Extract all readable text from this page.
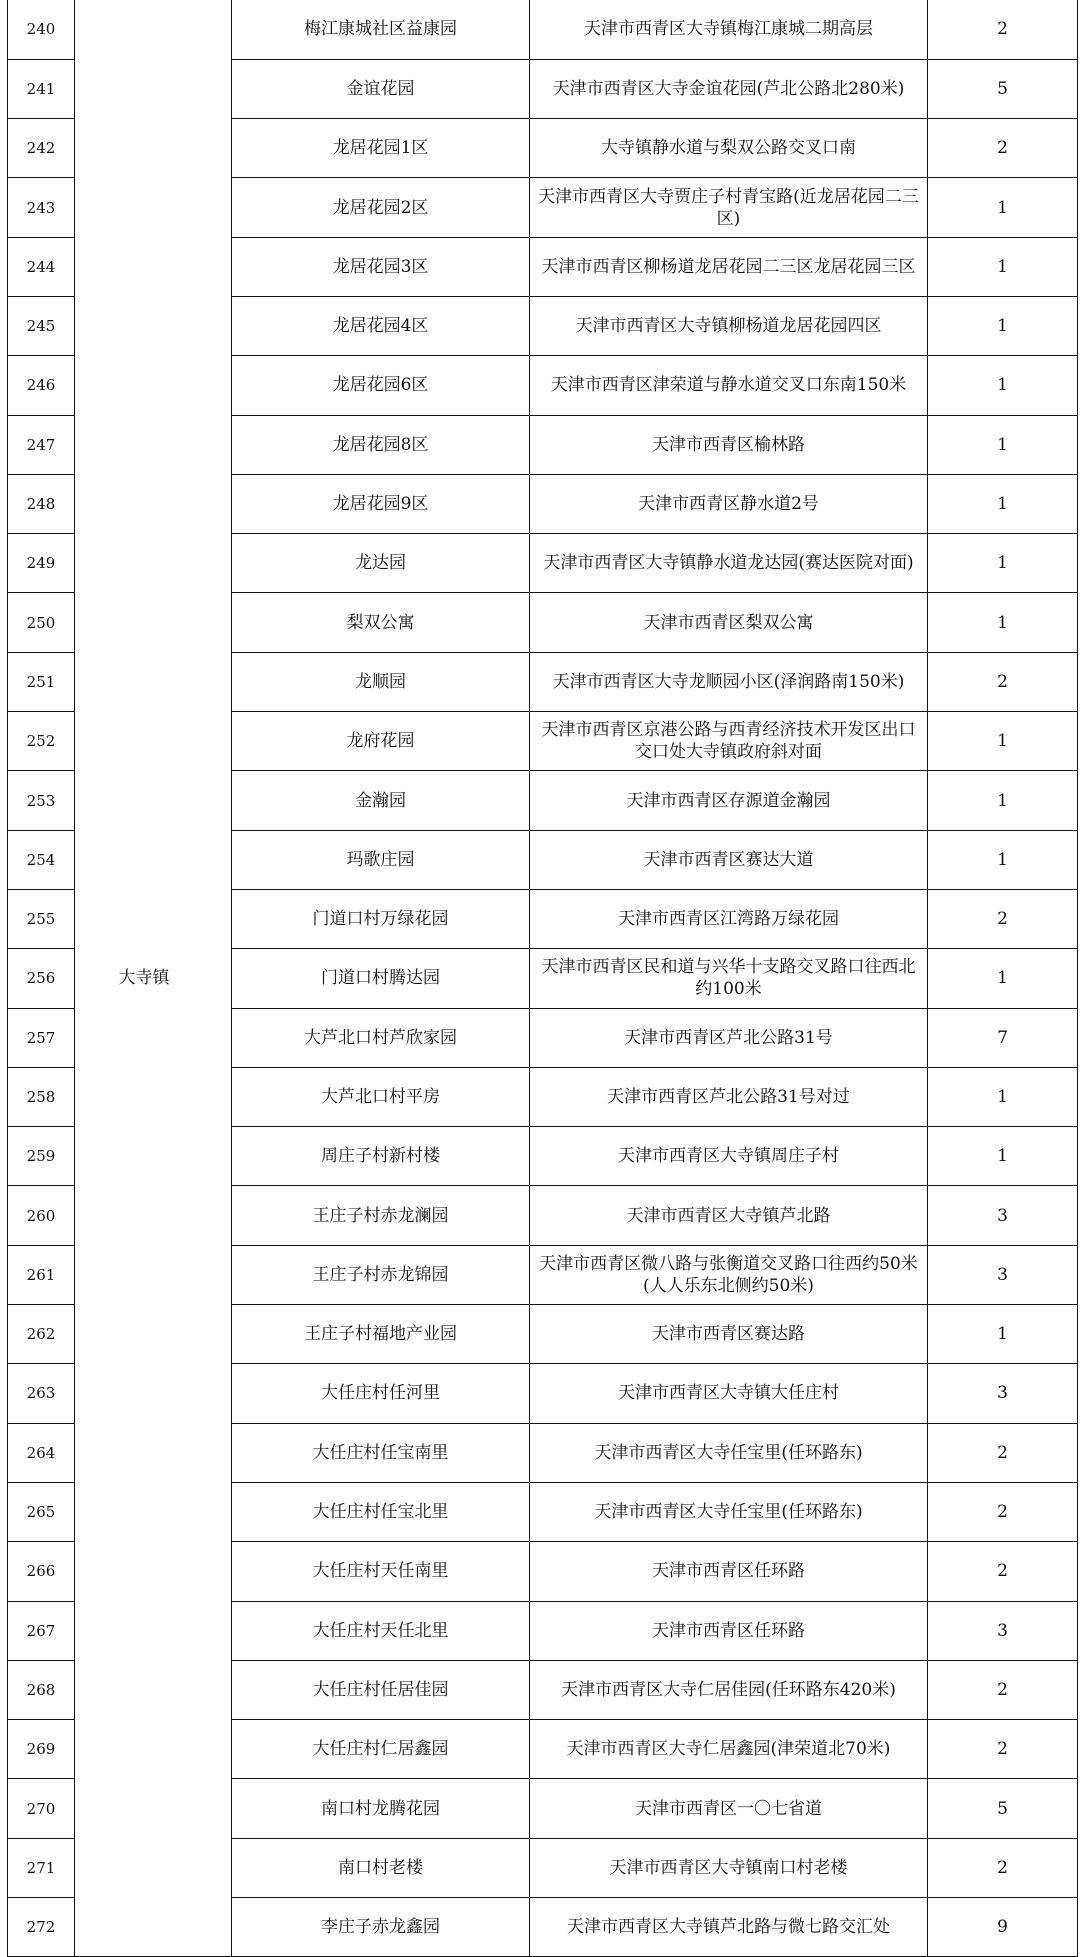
240	大寺镇	梅江康城社区益康园	天津市西青区大寺镇梅江康城二期高层	2
241		金谊花园	天津市西青区大寺金谊花园(芦北公路北280米)	5
242		龙居花园1区	大寺镇静水道与梨双公路交叉口南	2
243		龙居花园2区	天津市西青区大寺贾庄子村青宝路(近龙居花园二三区)	1
244		龙居花园3区	天津市西青区柳杨道龙居花园二三区龙居花园三区	1
245		龙居花园4区	天津市西青区大寺镇柳杨道龙居花园四区	1
246		龙居花园6区	天津市西青区津荣道与静水道交叉口东南150米	1
247		龙居花园8区	天津市西青区榆林路	1
248		龙居花园9区	天津市西青区静水道2号	1
249		龙达园	天津市西青区大寺镇静水道龙达园(赛达医院对面)	1
250		梨双公寓	天津市西青区梨双公寓	1
251		龙顺园	天津市西青区大寺龙顺园小区(泽润路南150米)	2
252		龙府花园	天津市西青区京港公路与西青经济技术开发区出口交口处大寺镇政府斜对面	1
253		金瀚园	天津市西青区存源道金瀚园	1
254		玛歌庄园	天津市西青区赛达大道	1
255		门道口村万绿花园	天津市西青区江湾路万绿花园	2
256		门道口村腾达园	天津市西青区民和道与兴华十支路交叉路口往西北约100米	1
257		大芦北口村芦欣家园	天津市西青区芦北公路31号	7
258		大芦北口村平房	天津市西青区芦北公路31号对过	1
259		周庄子村新村楼	天津市西青区大寺镇周庄子村	1
260		王庄子村赤龙澜园	天津市西青区大寺镇芦北路	3
261		王庄子村赤龙锦园	天津市西青区微八路与张衡道交叉路口往西约50米(人人乐东北侧约50米)	3
262		王庄子村福地产业园	天津市西青区赛达路	1
263		大任庄村任河里	天津市西青区大寺镇大任庄村	3
264		大任庄村任宝南里	天津市西青区大寺任宝里(任环路东)	2
265		大任庄村任宝北里	天津市西青区大寺任宝里(任环路东)	2
266		大任庄村天任南里	天津市西青区任环路	2
267		大任庄村天任北里	天津市西青区任环路	3
268		大任庄村任居佳园	天津市西青区大寺仁居佳园(任环路东420米)	2
269		大任庄村仁居鑫园	天津市西青区大寺仁居鑫园(津荣道北70米)	2
270		南口村龙腾花园	天津市西青区一〇七省道	5
271		南口村老楼	天津市西青区大寺镇南口村老楼	2
272		李庄子赤龙鑫园	天津市西青区大寺镇芦北路与微七路交汇处	9
